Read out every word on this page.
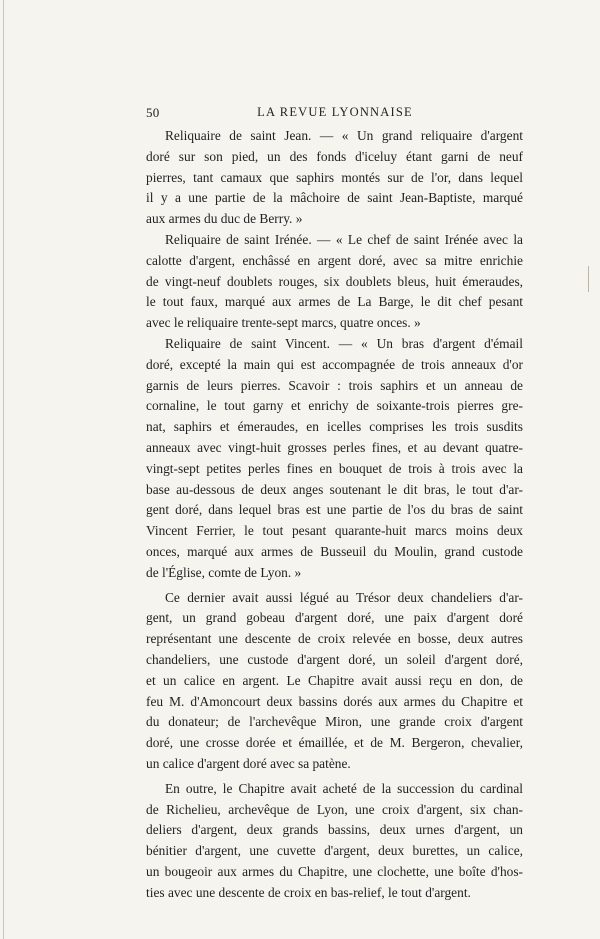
50	LA REVUE LYONNAISE
Reliquaire de saint Jean. — « Un grand reliquaire d'argent
doré sur son pied, un des fonds d'iceluy étant garni de neuf
pierres, tant camaux que saphirs montés sur de l'or, dans lequel
il y a une partie de la mâchoire de saint Jean-Baptiste, marqué
aux armes du duc de Berry. »
Reliquaire de saint Irénée. — « Le chef de saint Irénée avec la
calotte d'argent, enchâssé en argent doré, avec sa mitre enrichie
de vingt-neuf doublets rouges, six doublets bleus, huit émeraudes,
le tout faux, marqué aux armes de La Barge, le dit chef pesant
avec le reliquaire trente-sept marcs, quatre onces. »
Reliquaire de saint Vincent. — « Un bras d'argent d'émail
doré, excepté la main qui est accompagnée de trois anneaux d'or
garnis de leurs pierres. Scavoir : trois saphirs et un anneau de
cornaline, le tout garny et enrichy de soixante-trois pierres gre-
nat, saphirs et émeraudes, en icelles comprises les trois susdits
anneaux avec vingt-huit grosses perles fines, et au devant quatre-
vingt-sept petites perles fines en bouquet de trois à trois avec la
base au-dessous de deux anges soutenant le dit bras, le tout d'ar-
gent doré, dans lequel bras est une partie de l'os du bras de saint
Vincent Ferrier, le tout pesant quarante-huit marcs moins deux
onces, marqué aux armes de Busseuil du Moulin, grand custode
de l'Église, comte de Lyon. »
Ce dernier avait aussi légué au Trésor deux chandeliers d'ar-
gent, un grand gobeau d'argent doré, une paix d'argent doré
représentant une descente de croix relevée en bosse, deux autres
chandeliers, une custode d'argent doré, un soleil d'argent doré,
et un calice en argent. Le Chapitre avait aussi reçu en don, de
feu M. d'Amoncourt deux bassins dorés aux armes du Chapitre et
du donateur; de l'archevêque Miron, une grande croix d'argent
doré, une crosse dorée et émaillée, et de M. Bergeron, chevalier,
un calice d'argent doré avec sa patène.
En outre, le Chapitre avait acheté de la succession du cardinal
de Richelieu, archevêque de Lyon, une croix d'argent, six chan-
deliers d'argent, deux grands bassins, deux urnes d'argent, un
bénitier d'argent, une cuvette d'argent, deux burettes, un calice,
un bougeoir aux armes du Chapitre, une clochette, une boîte d'hos-
ties avec une descente de croix en bas-relief, le tout d'argent.
